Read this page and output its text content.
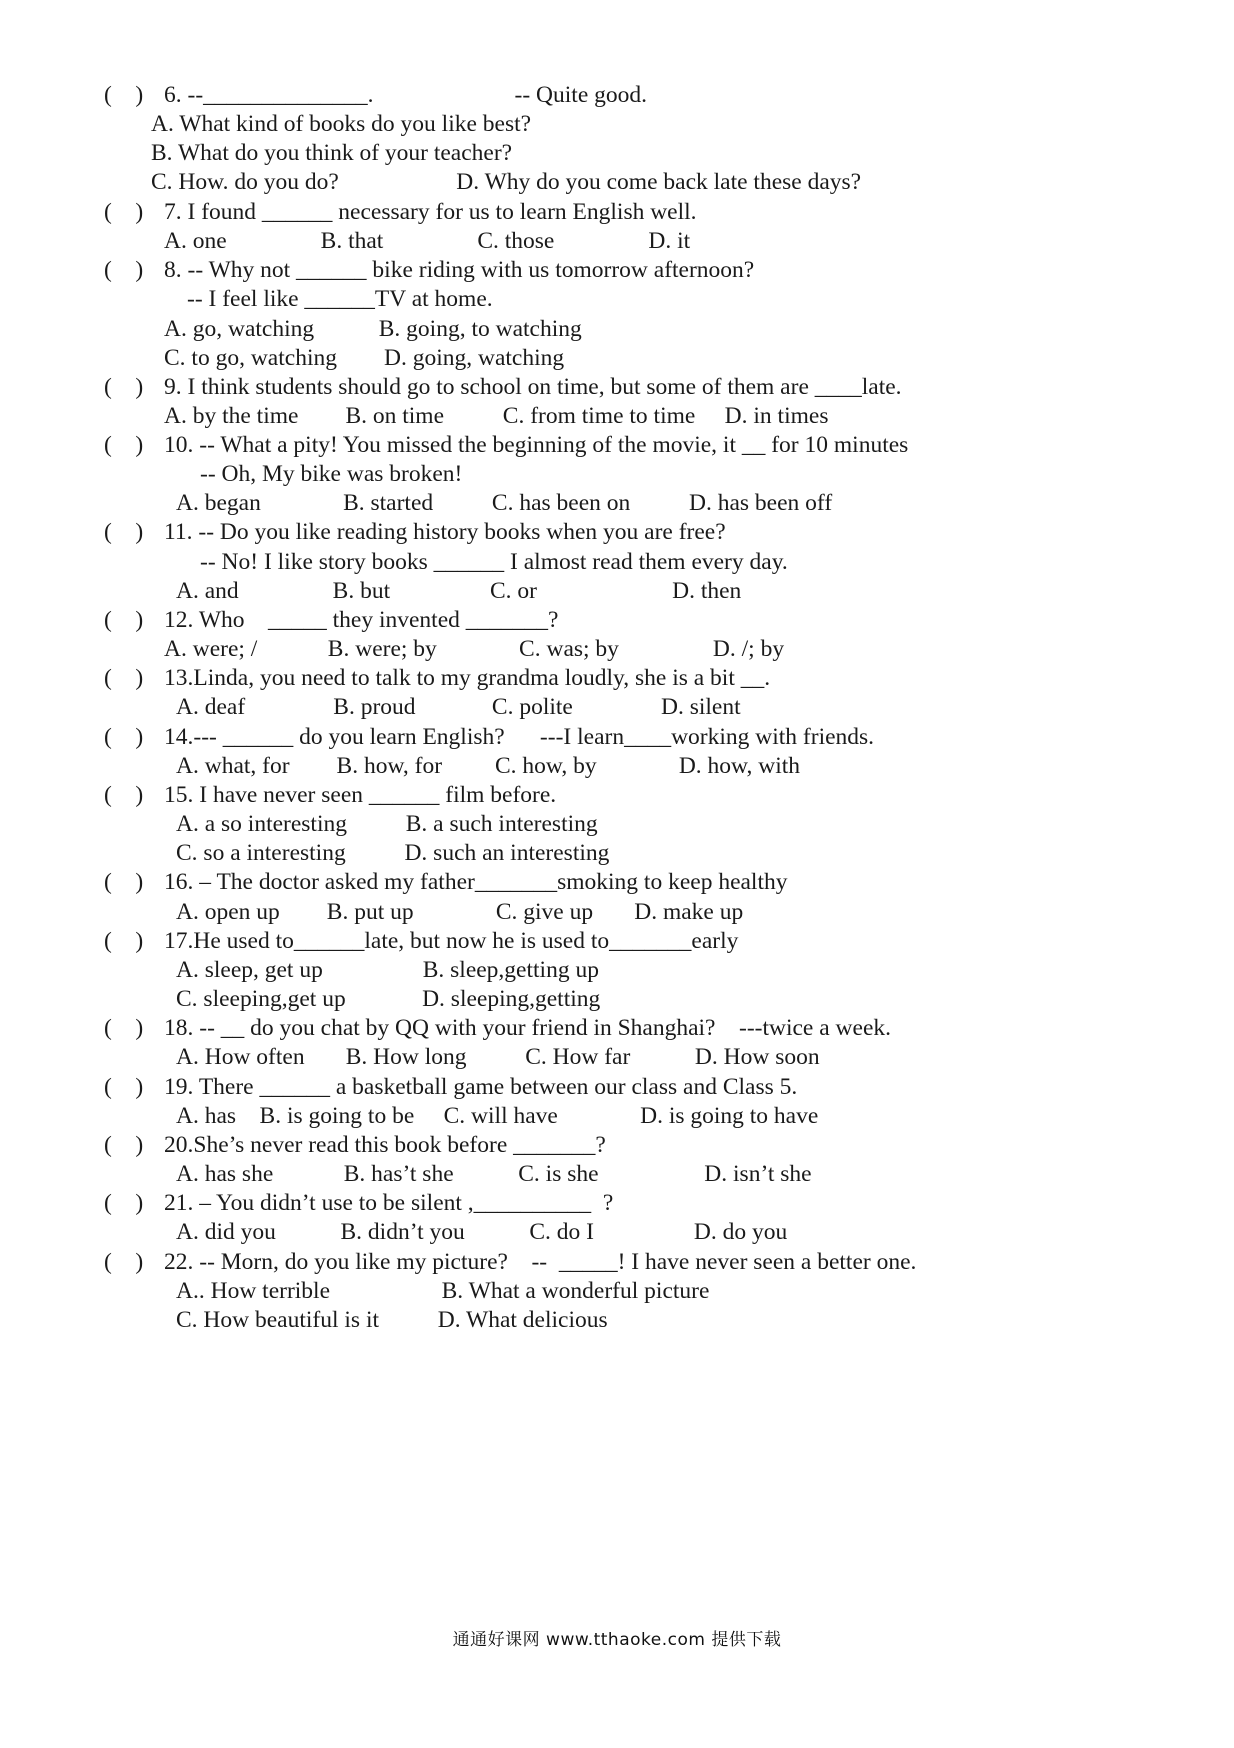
(    ) 6. --______________.                        -- Quite good.
A. What kind of books do you like best?
B. What do you think of your teacher?
C. How. do you do?                    D. Why do you come back late these days?
(    ) 7. I found ______ necessary for us to learn English well.
A. one                B. that                C. those                D. it
(    ) 8. -- Why not ______ bike riding with us tomorrow afternoon?
-- I feel like ______TV at home.
A. go, watching           B. going, to watching
C. to go, watching        D. going, watching
(    ) 9. I think students should go to school on time, but some of them are ____late.
A. by the time        B. on time          C. from time to time     D. in times
(    ) 10. -- What a pity! You missed the beginning of the movie, it __ for 10 minutes
-- Oh, My bike was broken!
A. began              B. started          C. has been on          D. has been off
(    ) 11. -- Do you like reading history books when you are free?
-- No! I like story books ______ I almost read them every day.
A. and                B. but                 C. or                       D. then
(    ) 12. Who    _____ they invented _______?
A. were; /            B. were; by              C. was; by                D. /; by
(    ) 13.Linda, you need to talk to my grandma loudly, she is a bit __.
A. deaf               B. proud             C. polite               D. silent
(    ) 14.--- ______ do you learn English?      ---I learn____working with friends.
A. what, for        B. how, for         C. how, by              D. how, with
(    ) 15. I have never seen ______ film before.
A. a so interesting          B. a such interesting
C. so a interesting          D. such an interesting
(    ) 16. – The doctor asked my father_______smoking to keep healthy
A. open up        B. put up              C. give up       D. make up
(    ) 17.He used to______late, but now he is used to_______early
A. sleep, get up                 B. sleep,getting up
C. sleeping,get up             D. sleeping,getting
(    ) 18. -- __ do you chat by QQ with your friend in Shanghai?    ---twice a week.
A. How often       B. How long          C. How far           D. How soon
(    ) 19. There ______ a basketball game between our class and Class 5.
A. has    B. is going to be     C. will have              D. is going to have
(    ) 20.She’s never read this book before _______?
A. has she            B. has’t she           C. is she                  D. isn’t she
(    ) 21. – You didn’t use to be silent ,__________  ?
A. did you           B. didn’t you           C. do I                 D. do you
(    ) 22. -- Morn, do you like my picture?    --  _____! I have never seen a better one.
A.. How terrible                   B. What a wonderful picture
C. How beautiful is it          D. What delicious
通通好课网 www.tthaoke.com 提供下载
